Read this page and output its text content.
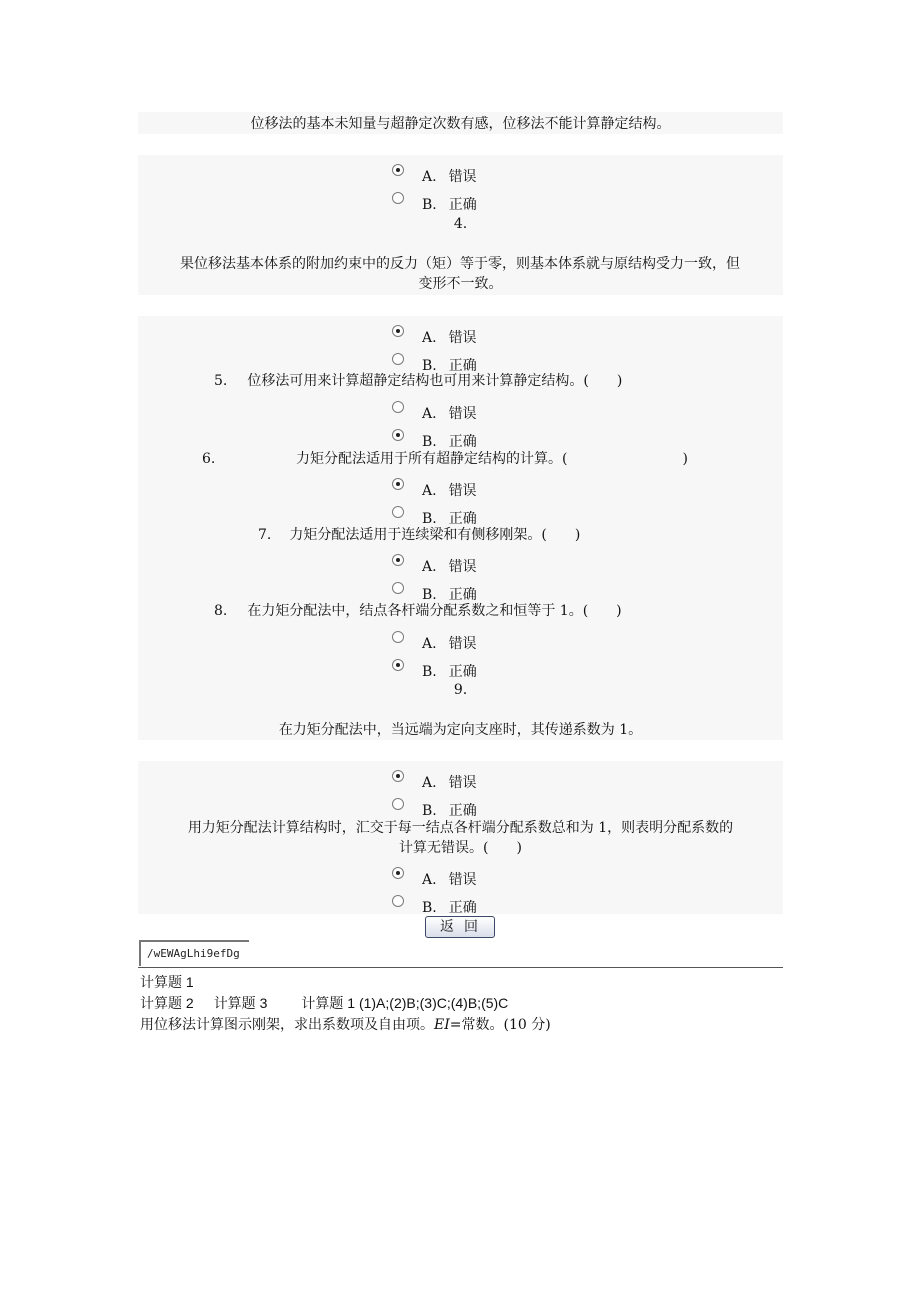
位移法的基本未知量与超静定次数有感，位移法不能计算静定结构。
A. 错误
B. 正确
4.
果位移法基本体系的附加约束中的反力（矩）等于零，则基本体系就与原结构受力一致，但
变形不一致。
A. 错误
B. 正确
5. 位移法可用来计算超静定结构也可用来计算静定结构。(　　)
A. 错误
B. 正确
6.	力矩分配法适用于所有超静定结构的计算。(	)
A. 错误
B. 正确
7. 力矩分配法适用于连续梁和有侧移刚架。(　　)
A. 错误
B. 正确
8. 在力矩分配法中，结点各杆端分配系数之和恒等于 1。(　　)
A. 错误
B. 正确
9.
在力矩分配法中，当远端为定向支座时，其传递系数为 1。
A. 错误
B. 正确
用力矩分配法计算结构时，汇交于每一结点各杆端分配系数总和为 1，则表明分配系数的
计算无错误。(　　)
A. 错误
B. 正确
返回
/wEWAgLhi9efDg
计算题 1
计算题 2 计算题 3 计算题 1 (1)A;(2)B;(3)C;(4)B;(5)C
用位移法计算图示刚架，求出系数项及自由项。EI=常数。(10 分)
